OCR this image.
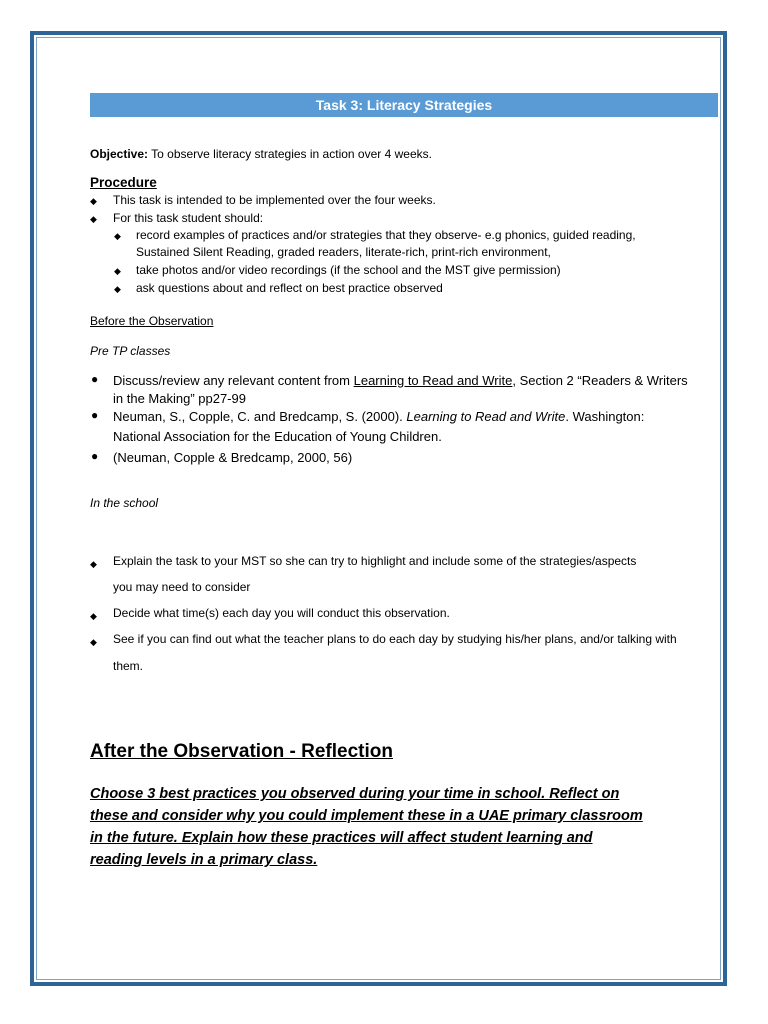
Task 3: Literacy Strategies
Objective: To observe literacy strategies in action over 4 weeks.
Procedure
◆ This task is intended to be implemented over the four weeks.
◆ For this task student should:
◆ record examples of practices and/or strategies that they observe- e.g phonics, guided reading,
Sustained Silent Reading, graded readers, literate-rich, print-rich environment,
◆ take photos and/or video recordings (if the school and the MST give permission)
◆ ask questions about and reflect on best practice observed
Before the Observation
Pre TP classes
● Discuss/review any relevant content from Learning to Read and Write, Section 2 “Readers & Writers
in the Making” pp27-99
● Neuman, S., Copple, C. and Bredcamp, S. (2000). Learning to Read and Write. Washington:
National Association for the Education of Young Children.
● (Neuman, Copple & Bredcamp, 2000, 56)
In the school
◆ Explain the task to your MST so she can try to highlight and include some of the strategies/aspects
you may need to consider
◆ Decide what time(s) each day you will conduct this observation.
◆ See if you can find out what the teacher plans to do each day by studying his/her plans, and/or talking with
them.
After the Observation - Reflection
Choose 3 best practices you observed during your time in school. Reflect on
these and consider why you could implement these in a UAE primary classroom
in the future. Explain how these practices will affect student learning and
reading levels in a primary class.
